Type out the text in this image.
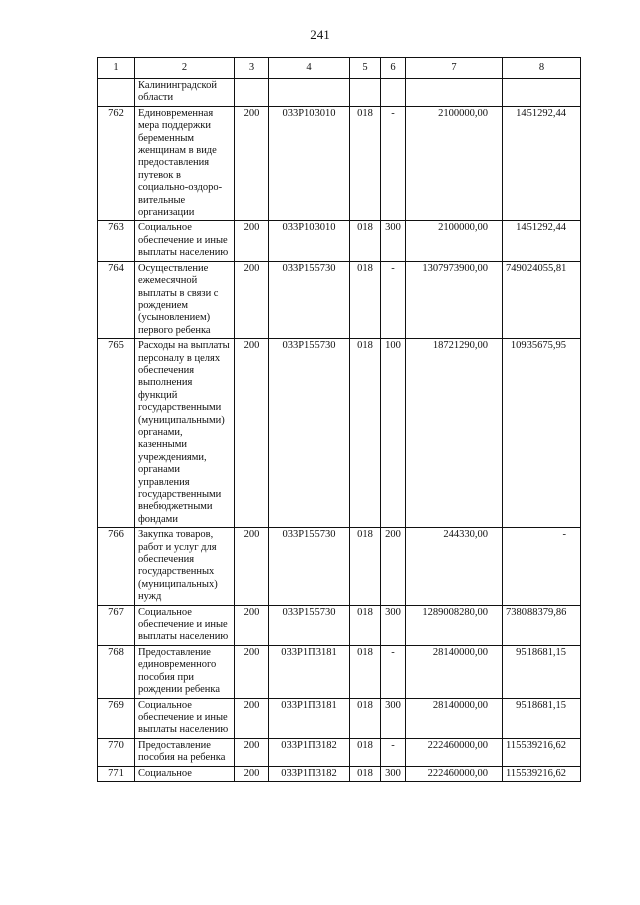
241
1	2	3	4	5	6	7	8
	Калининградской области						
762	Единовременная мера поддержки беременным женщинам в виде предоставления путевок в социально-оздоровительные организации	200	033P103010	018	-	2100000,00	1451292,44
763	Социальное обеспечение и иные выплаты населению	200	033P103010	018	300	2100000,00	1451292,44
764	Осуществление ежемесячной выплаты в связи с рождением (усыновлением) первого ребенка	200	033P155730	018	-	1307973900,00	749024055,81
765	Расходы на выплаты персоналу в целях обеспечения выполнения функций государственными (муниципальными) органами, казенными учреждениями, органами управления государственными внебюджетными фондами	200	033P155730	018	100	18721290,00	10935675,95
766	Закупка товаров, работ и услуг для обеспечения государственных (муниципальных) нужд	200	033P155730	018	200	244330,00	-
767	Социальное обеспечение и иные выплаты населению	200	033P155730	018	300	1289008280,00	738088379,86
768	Предоставление единовременного пособия при рождении ребенка	200	033P1П3181	018	-	28140000,00	9518681,15
769	Социальное обеспечение и иные выплаты населению	200	033P1П3181	018	300	28140000,00	9518681,15
770	Предоставление пособия на ребенка	200	033P1П3182	018	-	222460000,00	115539216,62
771	Социальное	200	033P1П3182	018	300	222460000,00	115539216,62
